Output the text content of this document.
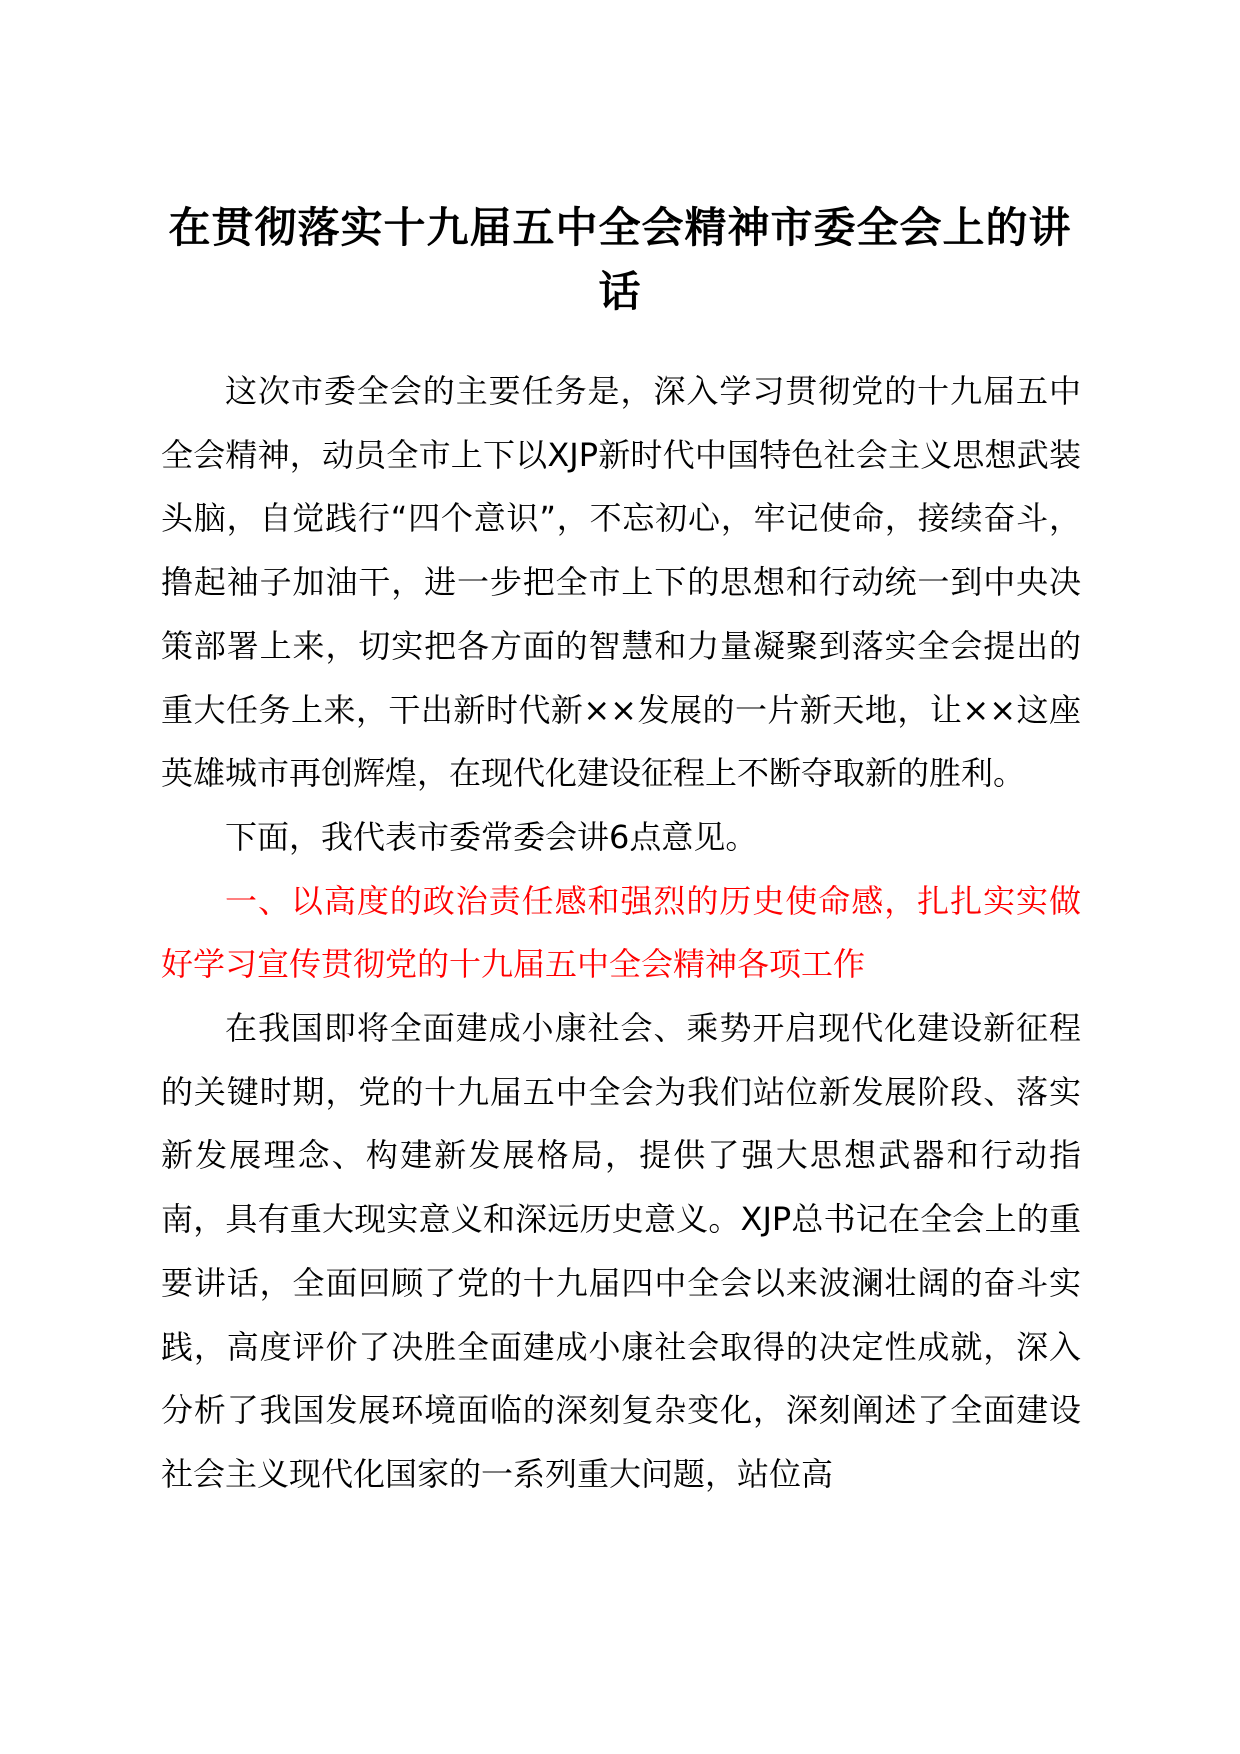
在贯彻落实十九届五中全会精神市委全会上的讲话

这次市委全会的主要任务是，深入学习贯彻党的十九届五中全会精神，动员全市上下以XJP新时代中国特色社会主义思想武装头脑，自觉践行“四个意识”，不忘初心，牢记使命，接续奋斗，撸起袖子加油干，进一步把全市上下的思想和行动统一到中央决策部署上来，切实把各方面的智慧和力量凝聚到落实全会提出的重大任务上来，干出新时代新××发展的一片新天地，让××这座英雄城市再创辉煌，在现代化建设征程上不断夺取新的胜利。

下面，我代表市委常委会讲6点意见。

一、以高度的政治责任感和强烈的历史使命感，扎扎实实做好学习宣传贯彻党的十九届五中全会精神各项工作

在我国即将全面建成小康社会、乘势开启现代化建设新征程的关键时期，党的十九届五中全会为我们站位新发展阶段、落实新发展理念、构建新发展格局，提供了强大思想武器和行动指南，具有重大现实意义和深远历史意义。XJP总书记在全会上的重要讲话，全面回顾了党的十九届四中全会以来波澜壮阔的奋斗实践，高度评价了决胜全面建成小康社会取得的决定性成就，深入分析了我国发展环境面临的深刻复杂变化，深刻阐述了全面建设社会主义现代化国家的一系列重大问题，站位高
